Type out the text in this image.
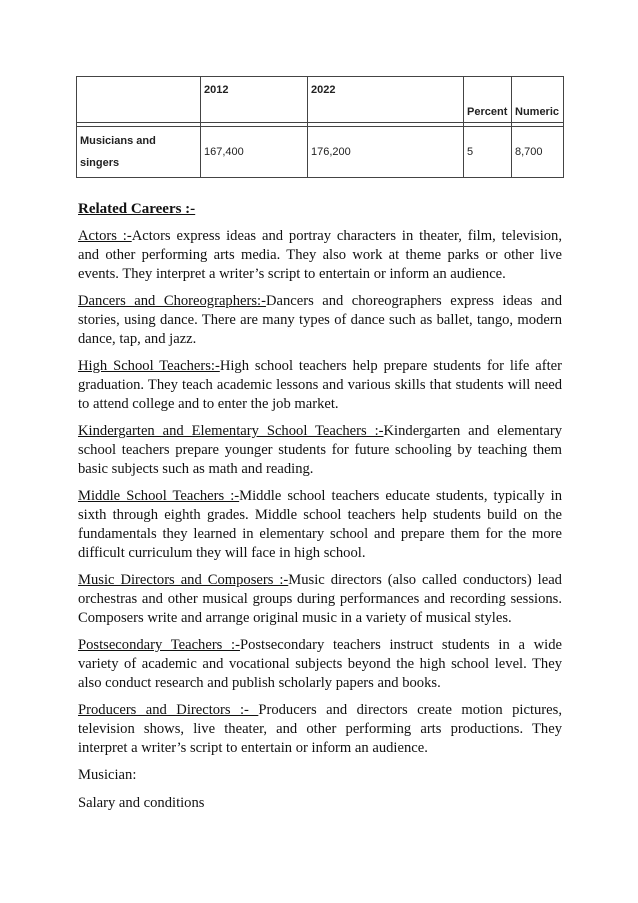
	2012	2022	Percent	Numeric

Musicians and singers	167,400	176,200	5	8,700
Related Careers :-

Actors :-Actors express ideas and portray characters in theater, film, television, and other performing arts media. They also work at theme parks or other live events. They interpret a writer’s script to entertain or inform an audience.

Dancers and Choreographers:-Dancers and choreographers express ideas and stories, using dance. There are many types of dance such as ballet, tango, modern dance, tap, and jazz.

High School Teachers:-High school teachers help prepare students for life after graduation. They teach academic lessons and various skills that students will need to attend college and to enter the job market.

Kindergarten and Elementary School Teachers :-Kindergarten and elementary school teachers prepare younger students for future schooling by teaching them basic subjects such as math and reading.

Middle School Teachers :-Middle school teachers educate students, typically in sixth through eighth grades. Middle school teachers help students build on the fundamentals they learned in elementary school and prepare them for the more difficult curriculum they will face in high school.

Music Directors and Composers :-Music directors (also called conductors) lead orchestras and other musical groups during performances and recording sessions. Composers write and arrange original music in a variety of musical styles.

Postsecondary Teachers :-Postsecondary teachers instruct students in a wide variety of academic and vocational subjects beyond the high school level. They also conduct research and publish scholarly papers and books.

Producers and Directors :- Producers and directors create motion pictures, television shows, live theater, and other performing arts productions. They interpret a writer’s script to entertain or inform an audience.

Musician:

Salary and conditions
